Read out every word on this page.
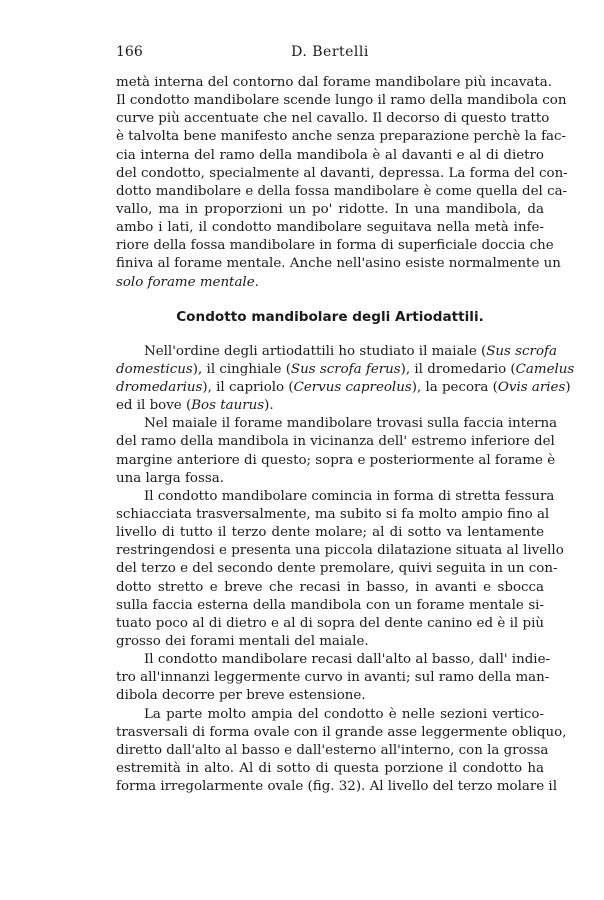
166	D. Bertelli
metà interna del contorno dal forame mandibolare più incavata.
Il condotto mandibolare scende lungo il ramo della mandibola con
curve più accentuate che nel cavallo. Il decorso di questo tratto
è talvolta bene manifesto anche senza preparazione perchè la fac-
cia interna del ramo della mandibola è al davanti e al di dietro
del condotto, specialmente al davanti, depressa. La forma del con-
dotto mandibolare e della fossa mandibolare è come quella del ca-
vallo, ma in proporzioni un po' ridotte. In una mandibola, da
ambo i lati, il condotto mandibolare seguitava nella metà infe-
riore della fossa mandibolare in forma di superficiale doccia che
finiva al forame mentale. Anche nell'asino esiste normalmente un
solo forame mentale.
Condotto mandibolare degli Artiodattili.
Nell'ordine degli artiodattili ho studiato il maiale (Sus scrofa
domesticus), il cinghiale (Sus scrofa ferus), il dromedario (Camelus
dromedarius), il capriolo (Cervus capreolus), la pecora (Ovis aries)
ed il bove (Bos taurus).
Nel maiale il forame mandibolare trovasi sulla faccia interna
del ramo della mandibola in vicinanza dell' estremo inferiore del
margine anteriore di questo; sopra e posteriormente al forame è
una larga fossa.
Il condotto mandibolare comincia in forma di stretta fessura
schiacciata trasversalmente, ma subito si fa molto ampio fino al
livello di tutto il terzo dente molare; al di sotto va lentamente
restringendosi e presenta una piccola dilatazione situata al livello
del terzo e del secondo dente premolare, quivi seguita in un con-
dotto stretto e breve che recasi in basso, in avanti e sbocca
sulla faccia esterna della mandibola con un forame mentale si-
tuato poco al di dietro e al di sopra del dente canino ed è il più
grosso dei forami mentali del maiale.
Il condotto mandibolare recasi dall'alto al basso, dall' indie-
tro all'innanzi leggermente curvo in avanti; sul ramo della man-
dibola decorre per breve estensione.
La parte molto ampia del condotto è nelle sezioni vertico-
trasversali di forma ovale con il grande asse leggermente obliquo,
diretto dall'alto al basso e dall'esterno all'interno, con la grossa
estremità in alto. Al di sotto di questa porzione il condotto ha
forma irregolarmente ovale (fig. 32). Al livello del terzo molare il
